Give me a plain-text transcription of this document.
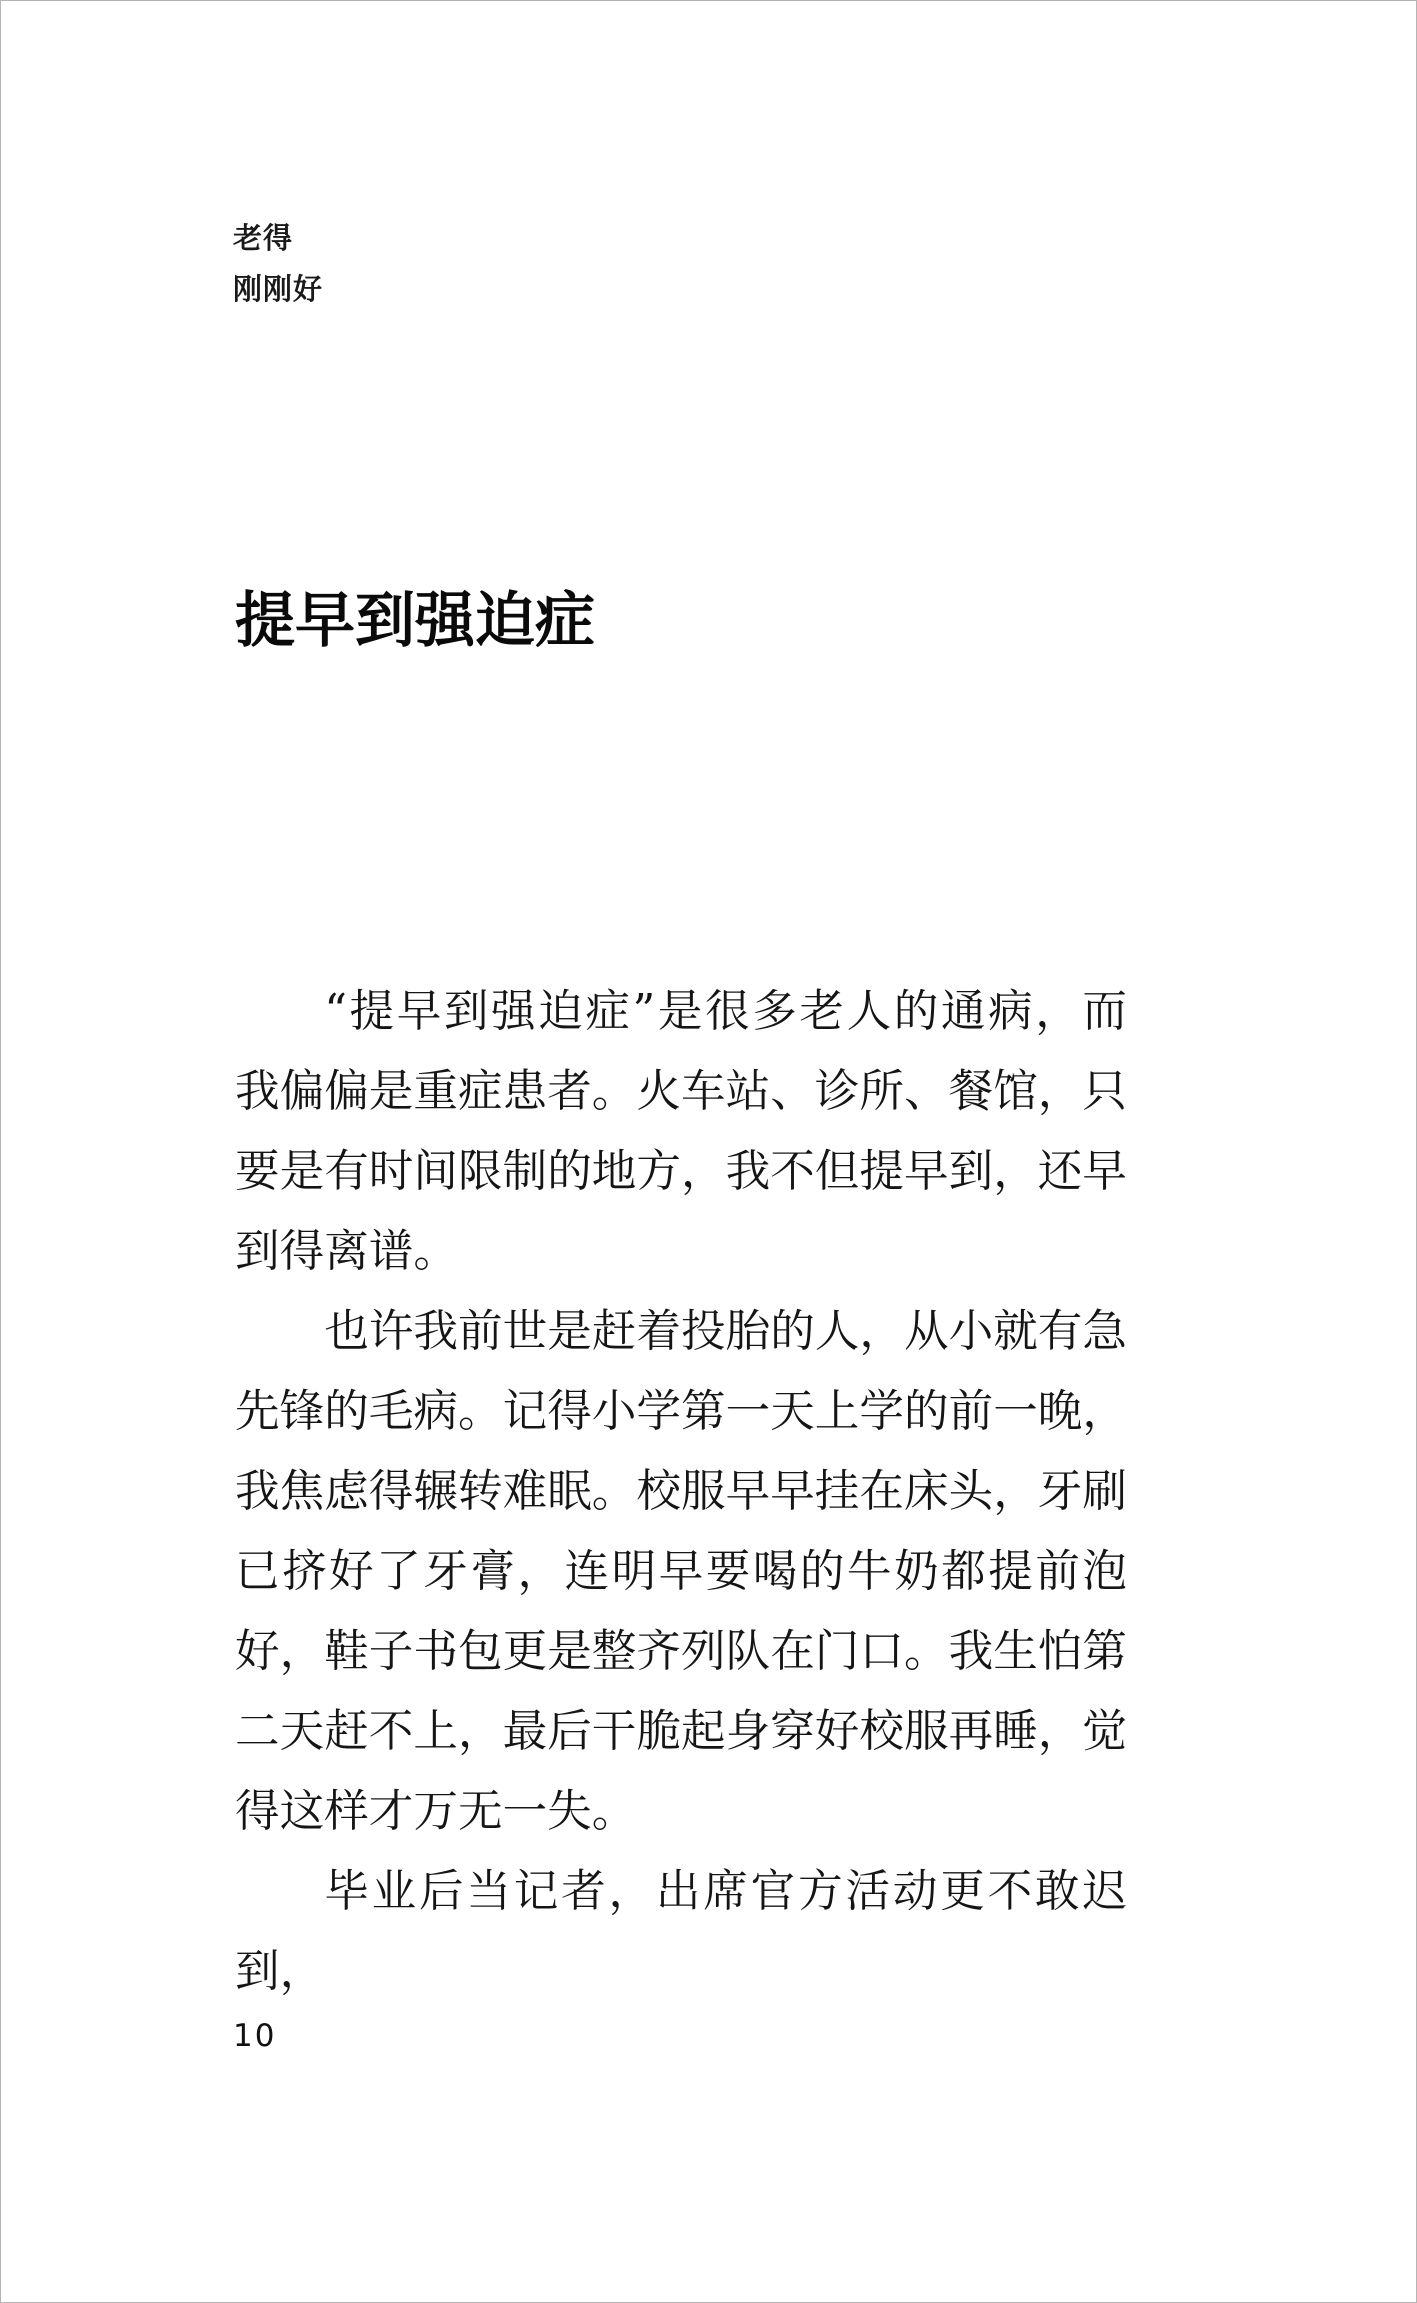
老得
刚刚好
提早到强迫症

“提早到强迫症”是很多老人的通病，而我偏偏是重症患者。火车站、诊所、餐馆，只要是有时间限制的地方，我不但提早到，还早到得离谱。

也许我前世是赶着投胎的人，从小就有急先锋的毛病。记得小学第一天上学的前一晚，我焦虑得辗转难眠。校服早早挂在床头，牙刷已挤好了牙膏，连明早要喝的牛奶都提前泡好，鞋子书包更是整齐列队在门口。我生怕第二天赶不上，最后干脆起身穿好校服再睡，觉得这样才万无一失。

毕业后当记者，出席官方活动更不敢迟到，

10
